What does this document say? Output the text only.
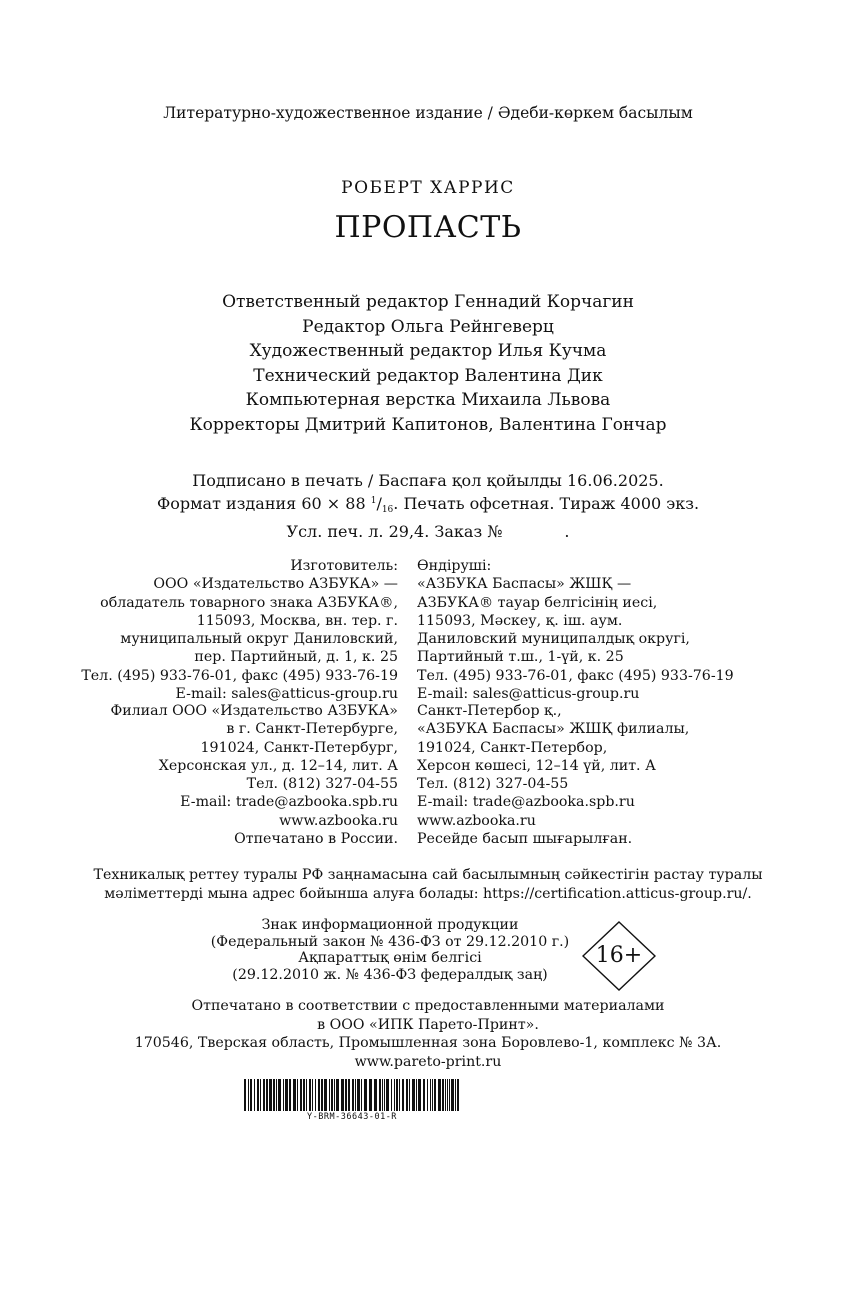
Литературно-художественное издание / Әдеби-көркем басылым
РОБЕРТ ХАРРИС
ПРОПАСТЬ
Ответственный редактор Геннадий Корчагин
Редактор Ольга Рейнгеверц
Художественный редактор Илья Кучма
Технический редактор Валентина Дик
Компьютерная верстка Михаила Львова
Корректоры Дмитрий Капитонов, Валентина Гончар
Подписано в печать / Баспаға қол қойылды 16.06.2025.
Формат издания 60 × 88 $^1$/16. Печать офсетная. Тираж 4000 экз.
Усл. печ. л. 29,4. Заказ №	.
Изготовитель:
ООО «Издательство АЗБУКА» —
обладатель товарного знака АЗБУКА®,
115093, Москва, вн. тер. г.
муниципальный округ Даниловский,
пер. Партийный, д. 1, к. 25
Тел. (495) 933-76-01, факс (495) 933-76-19
E-mail: sales@atticus-group.ru
Өндіруші:
«АЗБУКА Баспасы» ЖШҚ —
АЗБУКА® тауар белгісінің иесі,
115093, Мәскеу, қ. іш. аум.
Даниловский муниципалдық округі,
Партийный т.ш., 1-үй, к. 25
Тел. (495) 933-76-01, факс (495) 933-76-19
E-mail: sales@atticus-group.ru
Филиал ООО «Издательство АЗБУКА»
в г. Санкт-Петербурге,
191024, Санкт-Петербург,
Херсонская ул., д. 12–14, лит. А
Тел. (812) 327-04-55
E-mail: trade@azbooka.spb.ru
Санкт-Петербор қ.,
«АЗБУКА Баспасы» ЖШҚ филиалы,
191024, Санкт-Петербор,
Херсон көшесі, 12–14 үй, лит. А
Тел. (812) 327-04-55
E-mail: trade@azbooka.spb.ru
www.azbooka.ru
Отпечатано в России.
www.azbooka.ru
Ресейде басып шығарылған.
Техникалық реттеу туралы РФ заңнамасына сай басылымның сәйкестігін растау туралы
мәліметтерді мына адрес бойынша алуға болады: https://certification.atticus-group.ru/.
Знак информационной продукции
(Федеральный закон № 436-ФЗ от 29.12.2010 г.)
Ақпараттық өнім белгісі
(29.12.2010 ж. № 436-ФЗ федералдық заң)
16+
Отпечатано в соответствии с предоставленными материалами
в ООО «ИПК Парето-Принт».
170546, Тверская область, Промышленная зона Боровлево-1, комплекс № 3А.
www.pareto-print.ru
Y-BRM-36643-01-R
